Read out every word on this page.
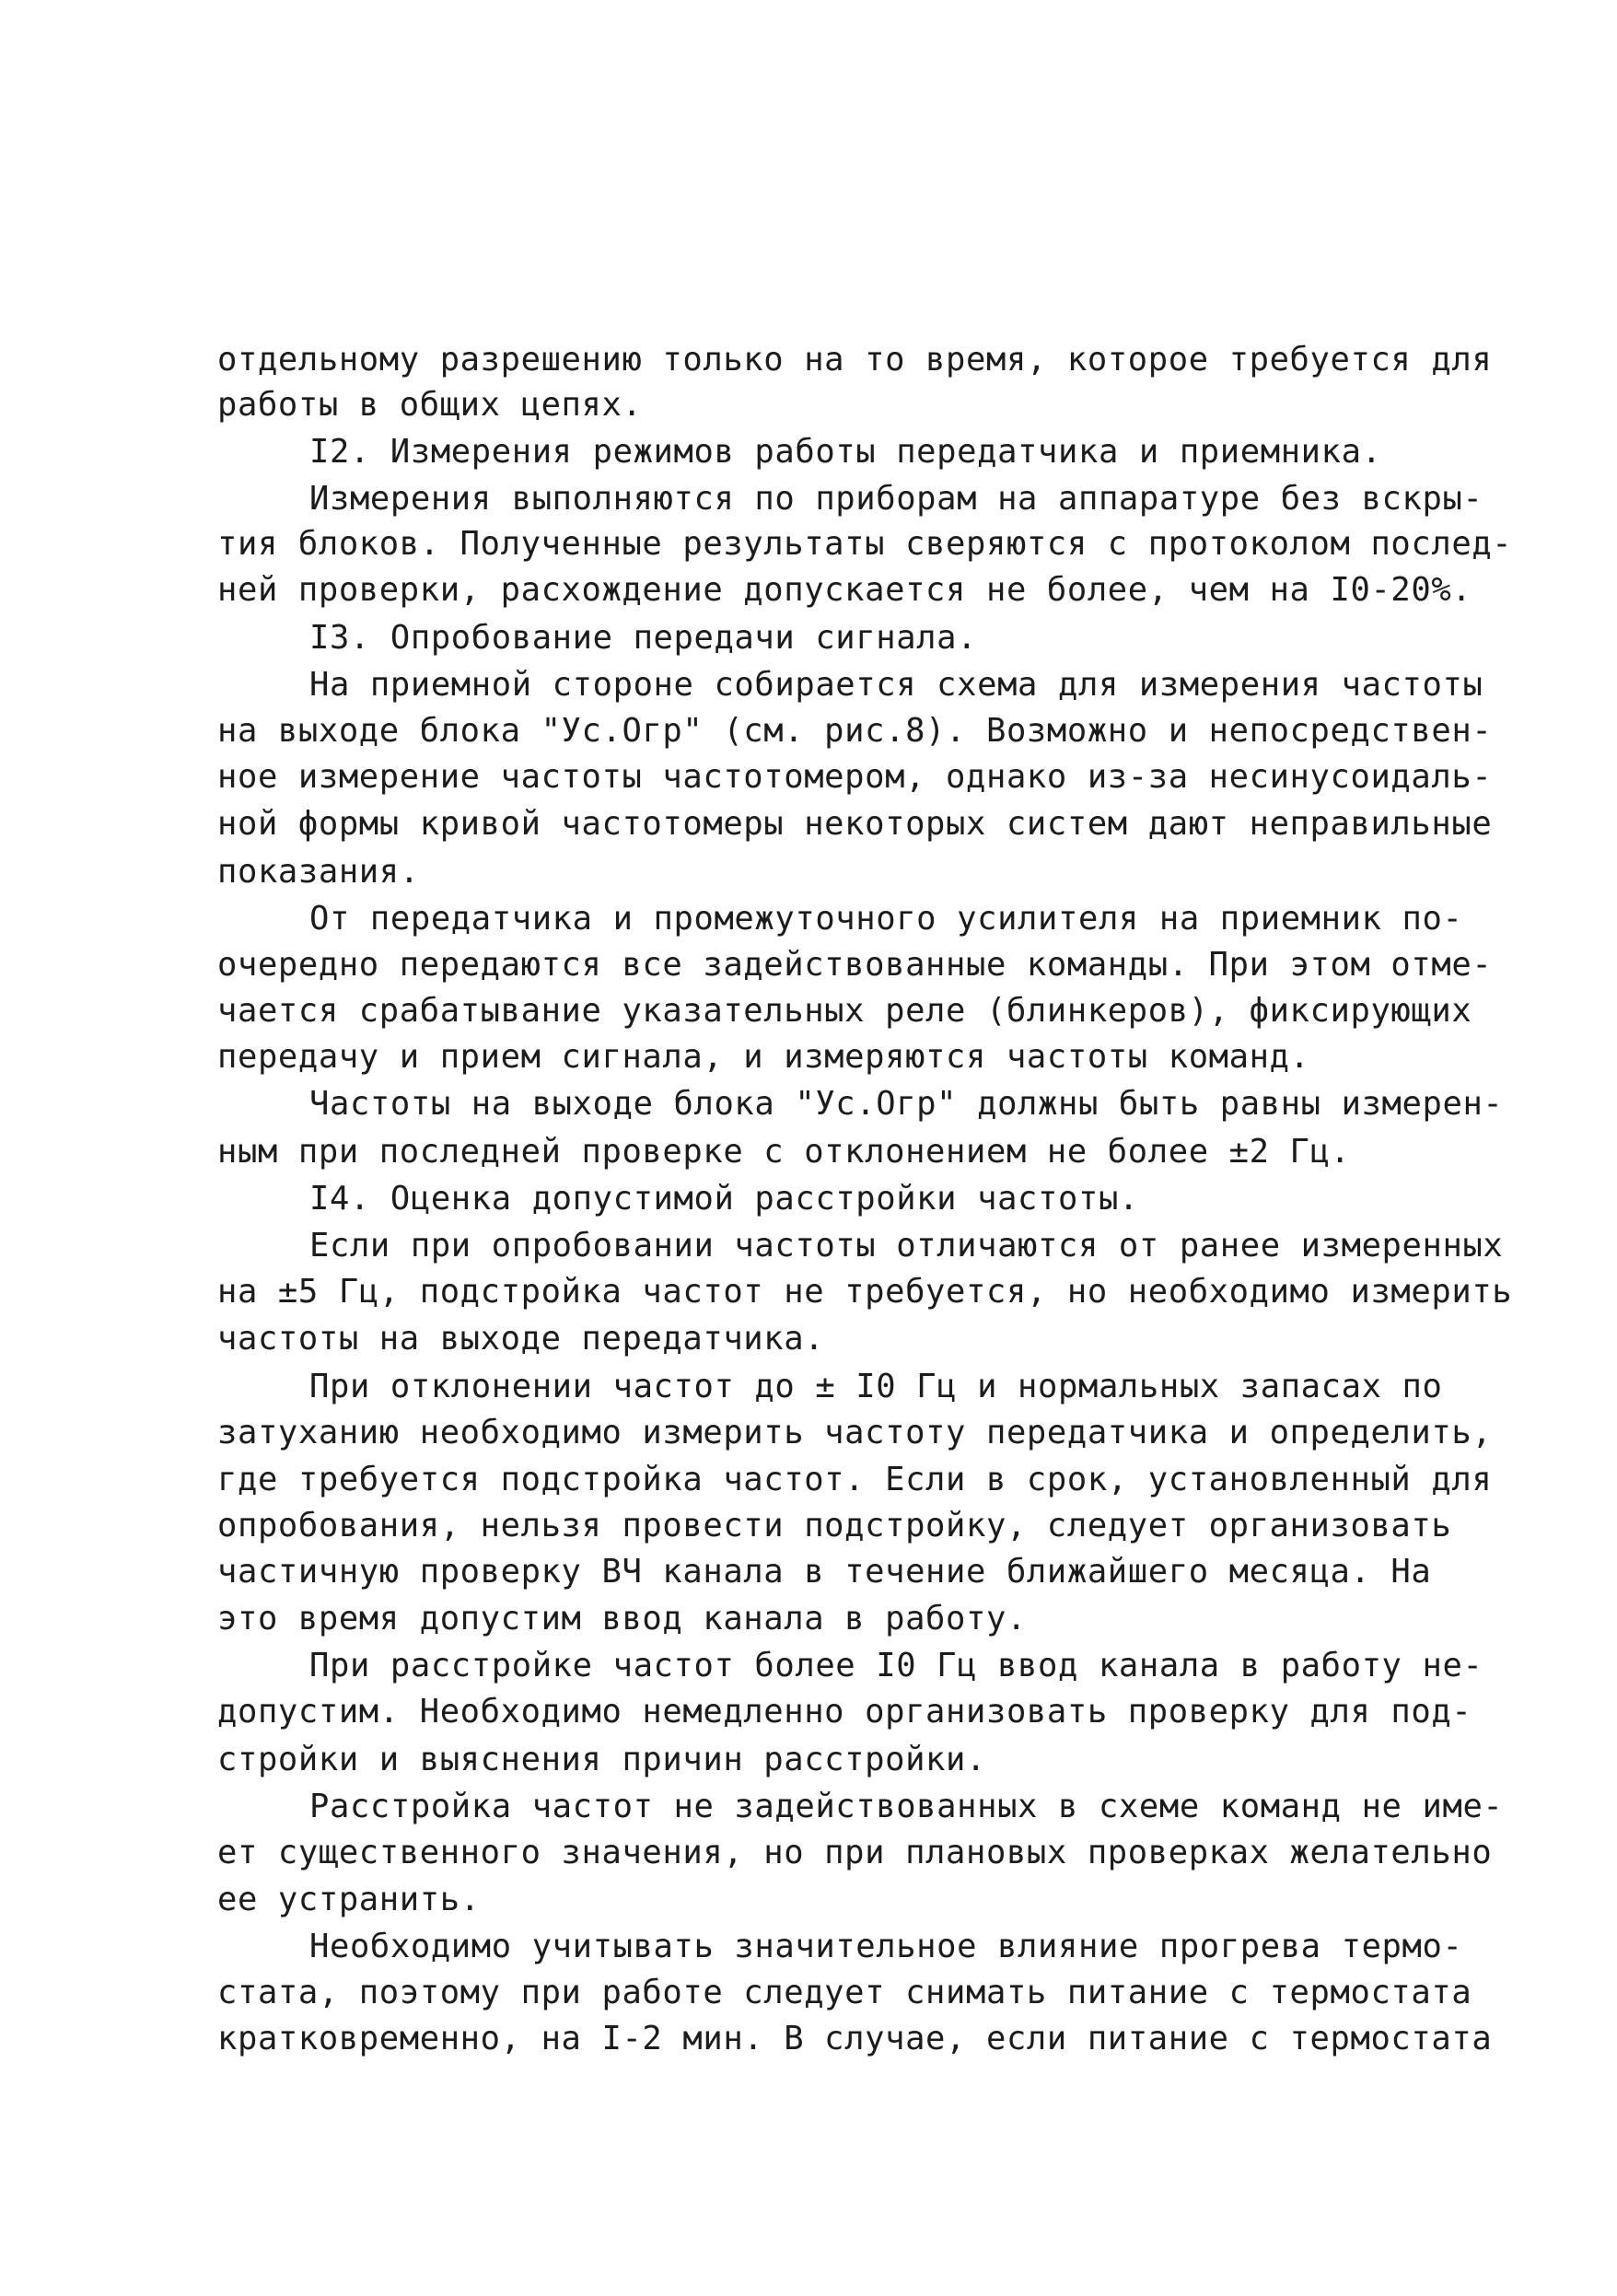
отдельному разрешению только на то время, которое требуется для
работы в общих цепях.
I2. Измерения режимов работы передатчика и приемника.
Измерения выполняются по приборам на аппаратуре без вскры-
тия блоков. Полученные результаты сверяются с протоколом послед-
ней проверки, расхождение допускается не более, чем на I0-20%.
I3. Опробование передачи сигнала.
На приемной стороне собирается схема для измерения частоты
на выходе блока "Ус.Огр" (см. рис.8). Возможно и непосредствен-
ное измерение частоты частотомером, однако из-за несинусоидаль-
ной формы кривой частотомеры некоторых систем дают неправильные
показания.
От передатчика и промежуточного усилителя на приемник по-
очередно передаются все задействованные команды. При этом отме-
чается срабатывание указательных реле (блинкеров), фиксирующих
передачу и прием сигнала, и измеряются частоты команд.
Частоты на выходе блока "Ус.Огр" должны быть равны измерен-
ным при последней проверке с отклонением не более ±2 Гц.
I4. Оценка допустимой расстройки частоты.
Если при опробовании частоты отличаются от ранее измеренных
на ±5 Гц, подстройка частот не требуется, но необходимо измерить
частоты на выходе передатчика.
При отклонении частот до ± I0 Гц и нормальных запасах по
затуханию необходимо измерить частоту передатчика и определить,
где требуется подстройка частот. Если в срок, установленный для
опробования, нельзя провести подстройку, следует организовать
частичную проверку ВЧ канала в течение ближайшего месяца. На
это время допустим ввод канала в работу.
При расстройке частот более I0 Гц ввод канала в работу не-
допустим. Необходимо немедленно организовать проверку для под-
стройки и выяснения причин расстройки.
Расстройка частот не задействованных в схеме команд не име-
ет существенного значения, но при плановых проверках желательно
ее устранить.
Необходимо учитывать значительное влияние прогрева термо-
стата, поэтому при работе следует снимать питание с термостата
кратковременно, на I-2 мин. В случае, если питание с термостата
